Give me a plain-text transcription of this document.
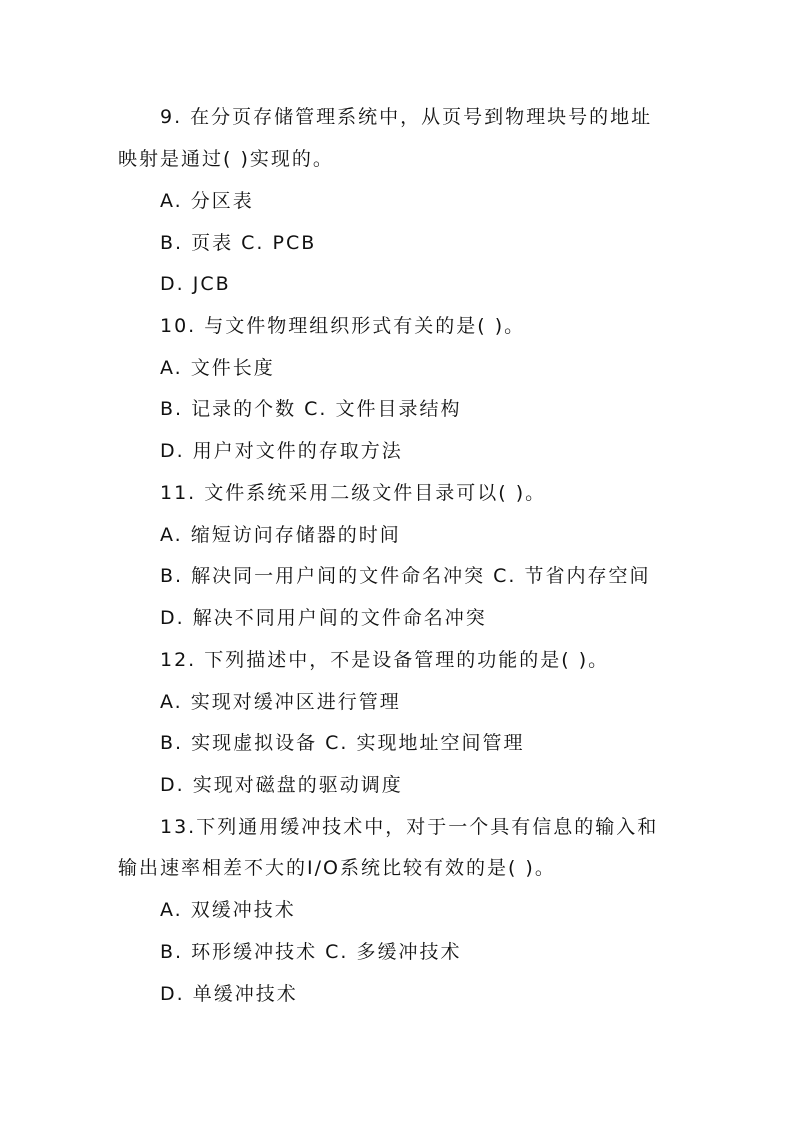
9. 在分页存储管理系统中，从页号到物理块号的地址
映射是通过( )实现的。
A. 分区表
B. 页表 C. PCB
D. JCB
10. 与文件物理组织形式有关的是( )。
A. 文件长度
B. 记录的个数 C. 文件目录结构
D. 用户对文件的存取方法
11. 文件系统采用二级文件目录可以( )。
A. 缩短访问存储器的时间
B. 解决同一用户间的文件命名冲突 C. 节省内存空间
D. 解决不同用户间的文件命名冲突
12. 下列描述中，不是设备管理的功能的是( )。
A. 实现对缓冲区进行管理
B. 实现虚拟设备 C. 实现地址空间管理
D. 实现对磁盘的驱动调度
13.下列通用缓冲技术中，对于一个具有信息的输入和
输出速率相差不大的I/O系统比较有效的是( )。
A. 双缓冲技术
B. 环形缓冲技术 C. 多缓冲技术
D. 单缓冲技术
